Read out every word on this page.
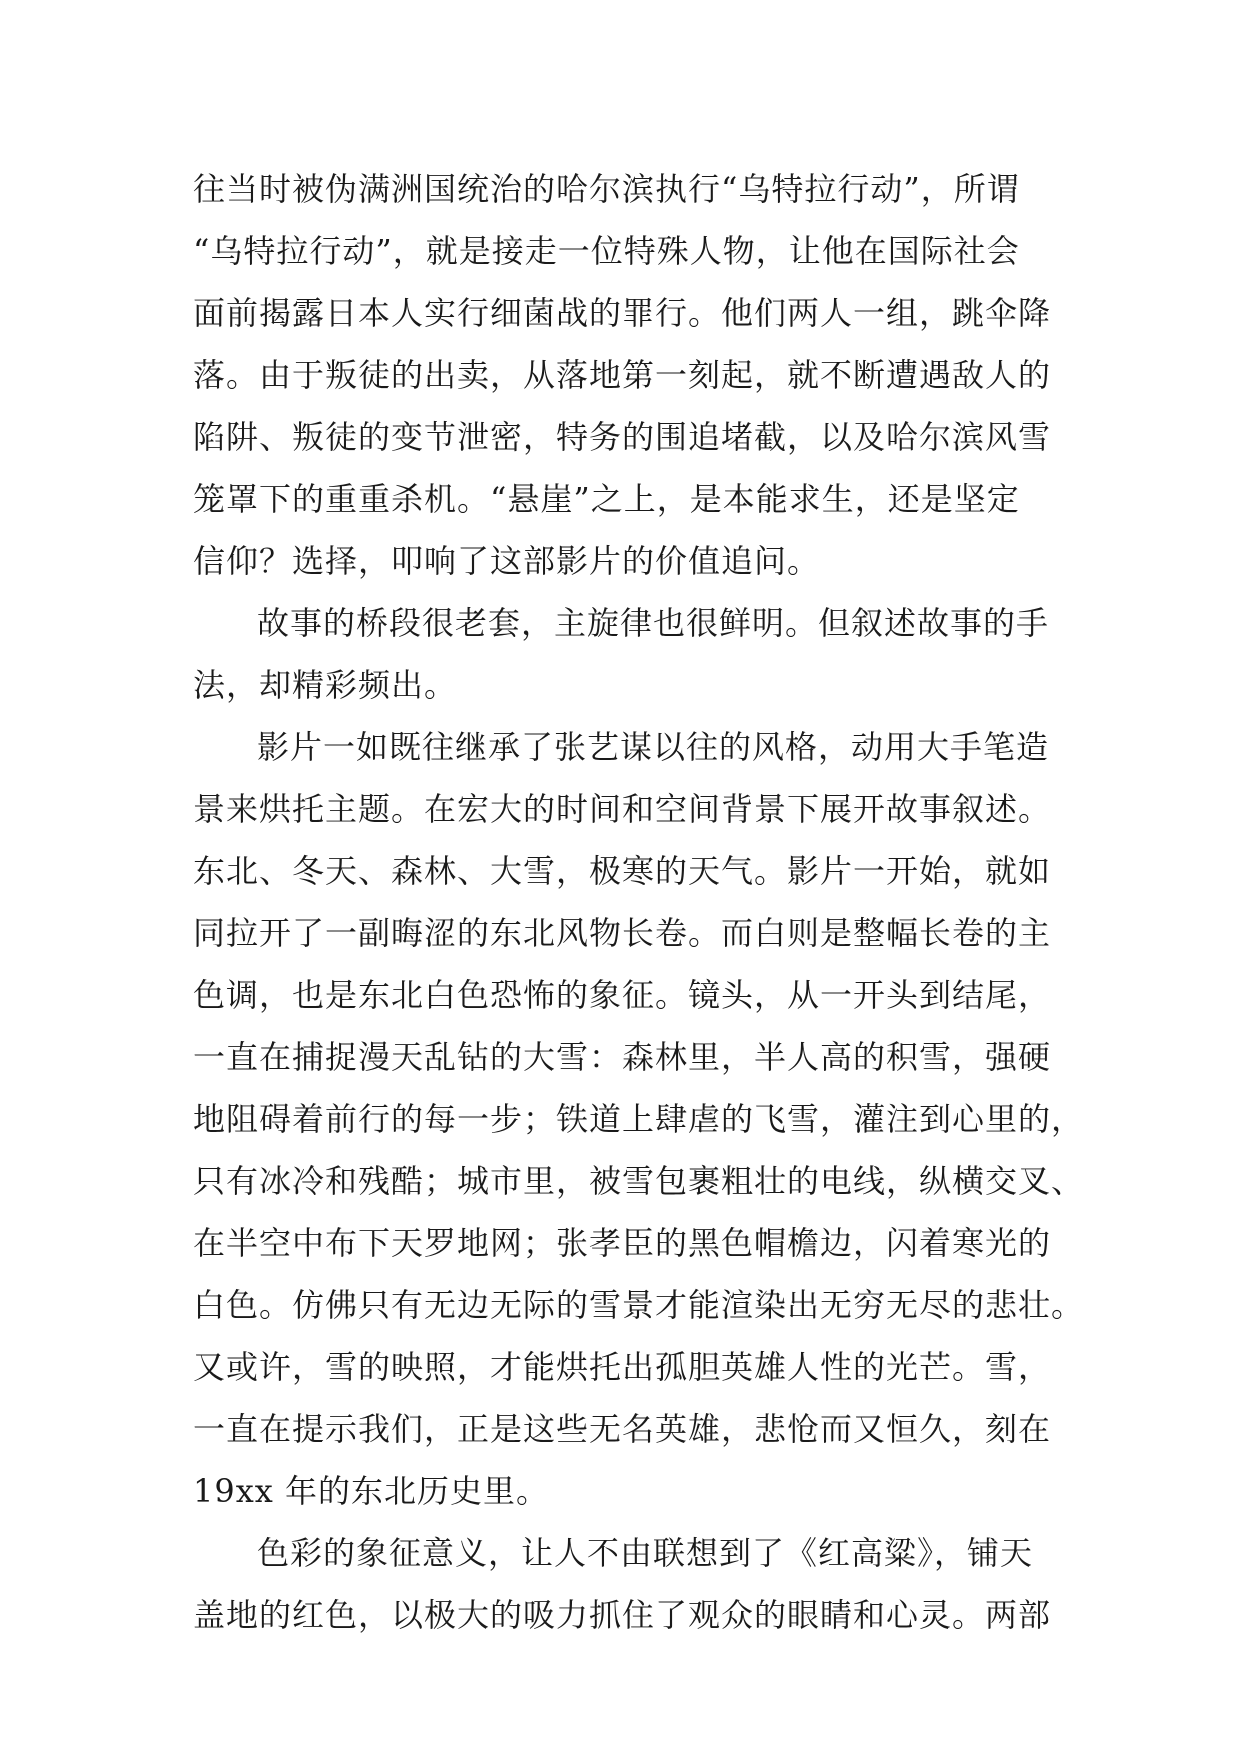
往当时被伪满洲国统治的哈尔滨执行“乌特拉行动”，所谓
“乌特拉行动”，就是接走一位特殊人物，让他在国际社会
面前揭露日本人实行细菌战的罪行。他们两人一组，跳伞降
落。由于叛徒的出卖，从落地第一刻起，就不断遭遇敌人的
陷阱、叛徒的变节泄密，特务的围追堵截，以及哈尔滨风雪
笼罩下的重重杀机。“悬崖”之上，是本能求生，还是坚定
信仰？选择，叩响了这部影片的价值追问。
故事的桥段很老套，主旋律也很鲜明。但叙述故事的手
法，却精彩频出。
影片一如既往继承了张艺谋以往的风格，动用大手笔造
景来烘托主题。在宏大的时间和空间背景下展开故事叙述。
东北、冬天、森林、大雪，极寒的天气。影片一开始，就如
同拉开了一副晦涩的东北风物长卷。而白则是整幅长卷的主
色调，也是东北白色恐怖的象征。镜头，从一开头到结尾，
一直在捕捉漫天乱钻的大雪：森林里，半人高的积雪，强硬
地阻碍着前行的每一步；铁道上肆虐的飞雪，灌注到心里的，
只有冰冷和残酷；城市里，被雪包裹粗壮的电线，纵横交叉、
在半空中布下天罗地网；张孝臣的黑色帽檐边，闪着寒光的
白色。仿佛只有无边无际的雪景才能渲染出无穷无尽的悲壮。
又或许，雪的映照，才能烘托出孤胆英雄人性的光芒。雪，
一直在提示我们，正是这些无名英雄，悲怆而又恒久，刻在
19xx 年的东北历史里。
色彩的象征意义，让人不由联想到了《红高粱》，铺天
盖地的红色，以极大的吸力抓住了观众的眼睛和心灵。两部
